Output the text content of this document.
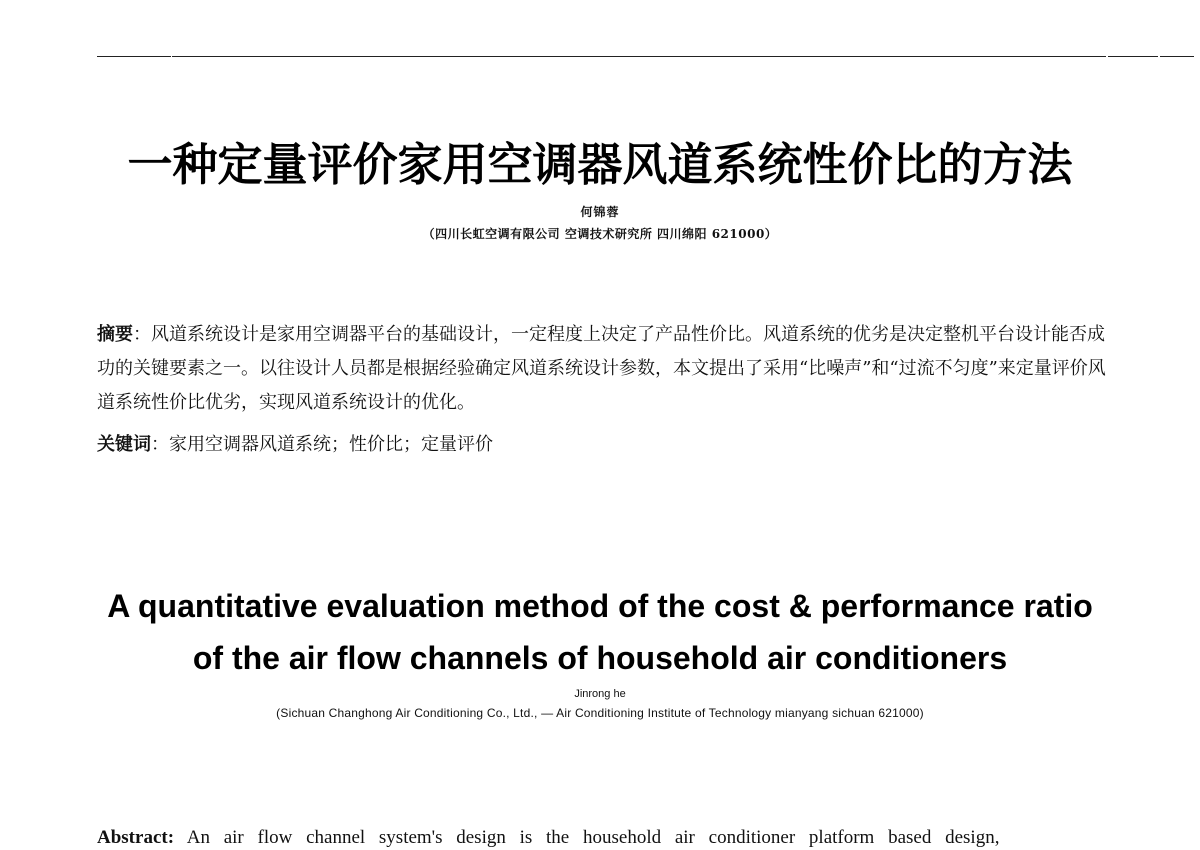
一种定量评价家用空调器风道系统性价比的方法
何锦蓉
（四川长虹空调有限公司 空调技术研究所 四川绵阳 621000）
摘要：风道系统设计是家用空调器平台的基础设计，一定程度上决定了产品性价比。风道系统的优劣是决定整机平台设计能否成功的关键要素之一。以往设计人员都是根据经验确定风道系统设计参数，本文提出了采用“比噪声”和“过流不匀度”来定量评价风道系统性价比优劣，实现风道系统设计的优化。
关键词：家用空调器风道系统；性价比；定量评价
A quantitative evaluation method of the cost & performance ratio
of the air flow channels of household air conditioners
Jinrong he
(Sichuan Changhong Air Conditioning Co., Ltd., — Air Conditioning Institute of Technology mianyang sichuan 621000)
Abstract: An air flow channel system's design is the household air conditioner platform based design,
